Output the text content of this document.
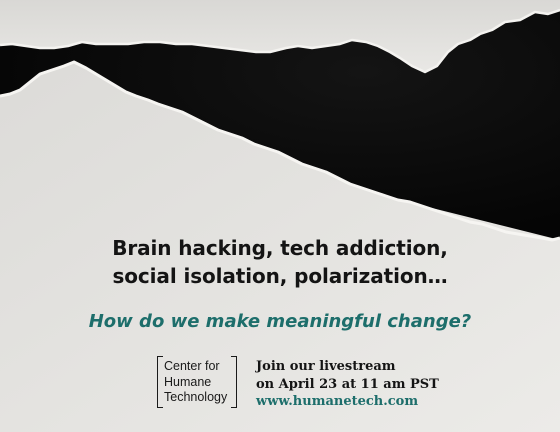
Brain hacking, tech addiction,
social isolation, polarization…
How do we make meaningful change?
Center for
Humane
Technology
Join our livestream
on April 23 at 11 am PST
www.humanetech.com
